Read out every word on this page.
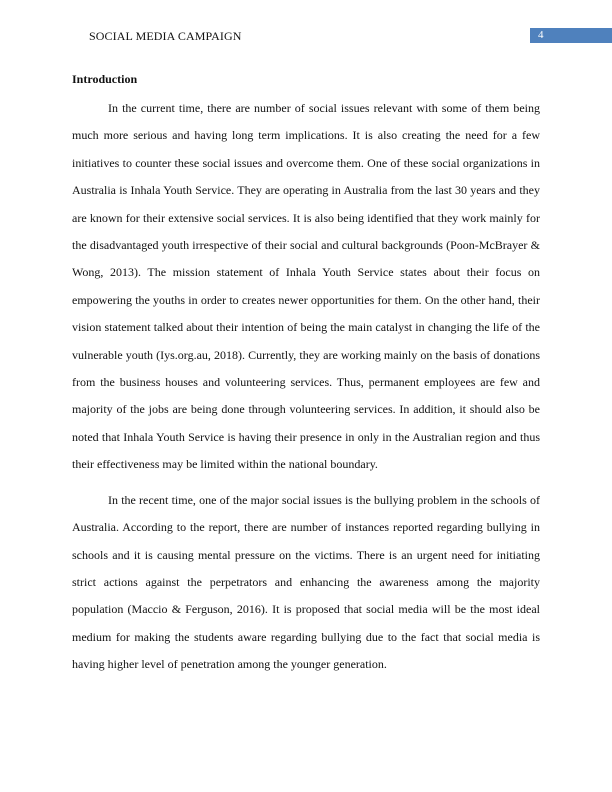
SOCIAL MEDIA CAMPAIGN	4
Introduction

In the current time, there are number of social issues relevant with some of them being much more serious and having long term implications. It is also creating the need for a few initiatives to counter these social issues and overcome them. One of these social organizations in Australia is Inhala Youth Service. They are operating in Australia from the last 30 years and they are known for their extensive social services. It is also being identified that they work mainly for the disadvantaged youth irrespective of their social and cultural backgrounds (Poon-McBrayer & Wong, 2013). The mission statement of Inhala Youth Service states about their focus on empowering the youths in order to creates newer opportunities for them. On the other hand, their vision statement talked about their intention of being the main catalyst in changing the life of the vulnerable youth (Iys.org.au, 2018). Currently, they are working mainly on the basis of donations from the business houses and volunteering services. Thus, permanent employees are few and majority of the jobs are being done through volunteering services. In addition, it should also be noted that Inhala Youth Service is having their presence in only in the Australian region and thus their effectiveness may be limited within the national boundary.

In the recent time, one of the major social issues is the bullying problem in the schools of Australia. According to the report, there are number of instances reported regarding bullying in schools and it is causing mental pressure on the victims. There is an urgent need for initiating strict actions against the perpetrators and enhancing the awareness among the majority population (Maccio & Ferguson, 2016). It is proposed that social media will be the most ideal medium for making the students aware regarding bullying due to the fact that social media is having higher level of penetration among the younger generation.
